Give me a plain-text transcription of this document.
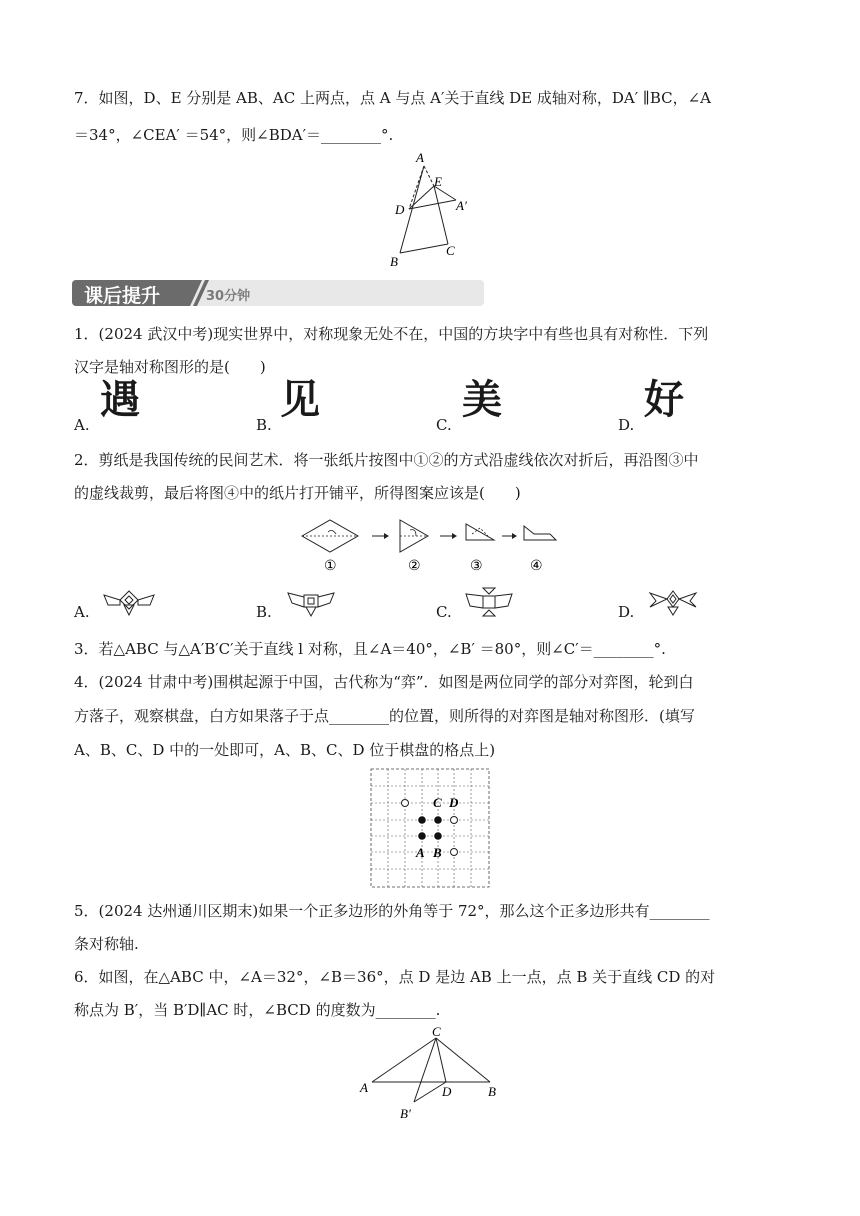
7．如图，D、E 分别是 AB、AC 上两点，点 A 与点 A′关于直线 DE 成轴对称，DA′ ∥BC，∠A
＝34°，∠CEA′ ＝54°，则∠BDA′＝________°.
A
E
D	A′
C
B
课后提升	30分钟
1．(2024 武汉中考)现实世界中，对称现象无处不在，中国的方块字中有些也具有对称性．下列
汉字是轴对称图形的是(　　)
A.
遇
B.
见
C.
美
D.
好
2．剪纸是我国传统的民间艺术．将一张纸片按图中①②的方式沿虚线依次对折后，再沿图③中
的虚线裁剪，最后将图④中的纸片打开铺平，所得图案应该是(　　)
①	②	③	④
A.	B.	C.	D.
3．若△ABC 与△A′B′C′关于直线 l 对称，且∠A＝40°，∠B′ ＝80°，则∠C′＝________°.
4．(2024 甘肃中考)围棋起源于中国，古代称为“弈”．如图是两位同学的部分对弈图，轮到白
方落子，观察棋盘，白方如果落子于点________的位置，则所得的对弈图是轴对称图形．(填写
A、B、C、D 中的一处即可，A、B、C、D 位于棋盘的格点上)
C D
A B
5．(2024 达州通川区期末)如果一个正多边形的外角等于 72°，那么这个正多边形共有________
条对称轴.
6．如图，在△ABC 中，∠A＝32°，∠B＝36°，点 D 是边 AB 上一点，点 B 关于直线 CD 的对
称点为 B′，当 B′D∥AC 时，∠BCD 的度数为________.
C
A	D	B
B′
